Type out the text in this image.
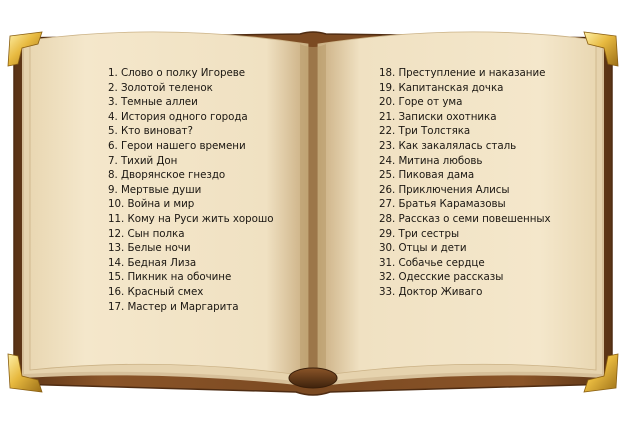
1. Слово о полку Игореве
2. Золотой теленок
3. Темные аллеи
4. История одного города
5. Кто виноват?
6. Герои нашего времени
7. Тихий Дон
8. Дворянское гнездо
9. Мертвые души
10. Война и мир
11. Кому на Руси жить хорошо
12. Сын полка
13. Белые ночи
14. Бедная Лиза
15. Пикник на обочине
16. Красный смех
17. Мастер и Маргарита
18. Преступление и наказание
19. Капитанская дочка
20. Горе от ума
21. Записки охотника
22. Три Толстяка
23. Как закалялась сталь
24. Митина любовь
25. Пиковая дама
26. Приключения Алисы
27. Братья Карамазовы
28. Рассказ о семи повешенных
29. Три сестры
30. Отцы и дети
31. Собачье сердце
32. Одесские рассказы
33. Доктор Живаго
